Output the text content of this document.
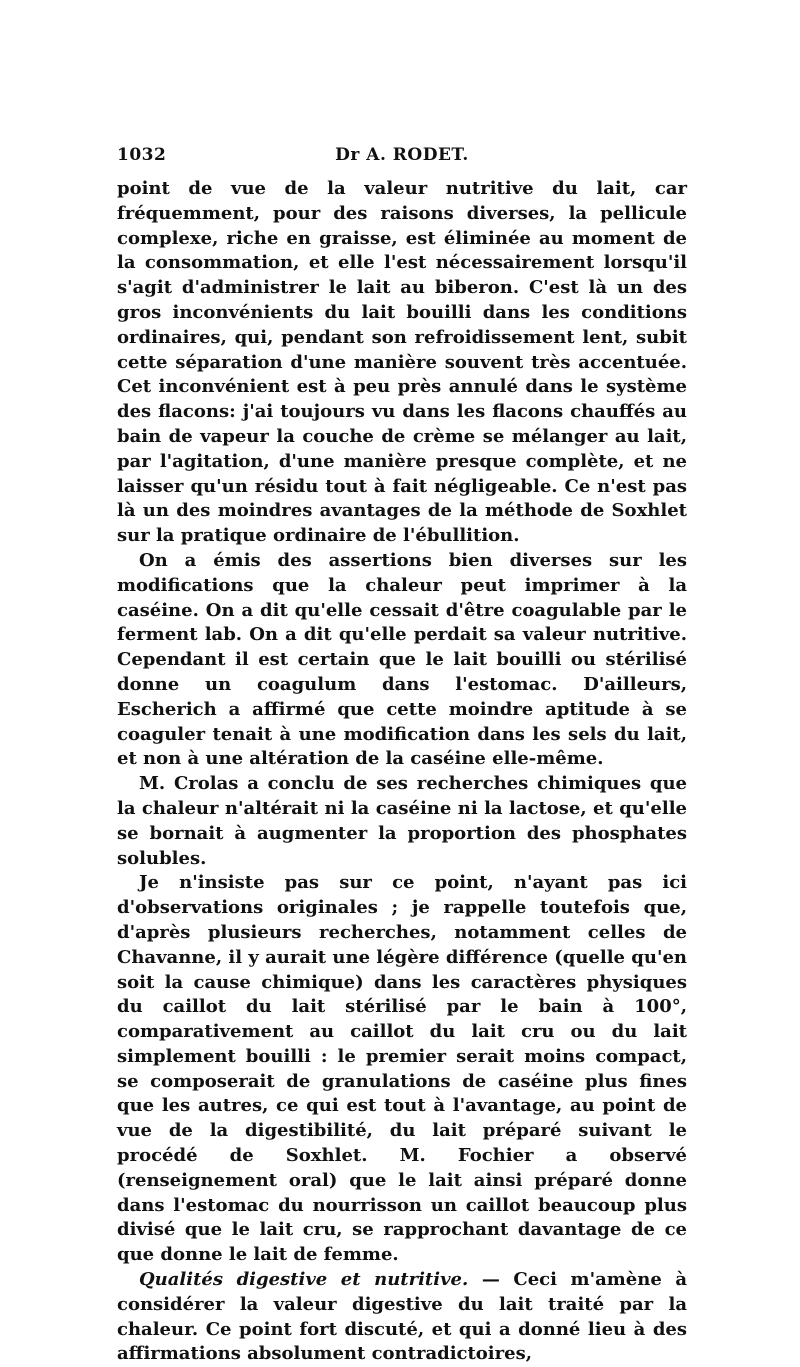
1032	Dr A. RODET.

point de vue de la valeur nutritive du lait, car fréquemment, pour des raisons diverses, la pellicule complexe, riche en graisse, est éliminée au moment de la consommation, et elle l'est nécessairement lorsqu'il s'agit d'administrer le lait au biberon. C'est là un des gros inconvénients du lait bouilli dans les conditions ordinaires, qui, pendant son refroidissement lent, subit cette séparation d'une manière souvent très accentuée. Cet inconvénient est à peu près annulé dans le système des flacons: j'ai toujours vu dans les flacons chauffés au bain de vapeur la couche de crème se mélanger au lait, par l'agitation, d'une manière presque complète, et ne laisser qu'un résidu tout à fait négligeable. Ce n'est pas là un des moindres avantages de la méthode de Soxhlet sur la pratique ordinaire de l'ébullition.

On a émis des assertions bien diverses sur les modifications que la chaleur peut imprimer à la caséine. On a dit qu'elle cessait d'être coagulable par le ferment lab. On a dit qu'elle perdait sa valeur nutritive. Cependant il est certain que le lait bouilli ou stérilisé donne un coagulum dans l'estomac. D'ailleurs, Escherich a affirmé que cette moindre aptitude à se coaguler tenait à une modification dans les sels du lait, et non à une altération de la caséine elle-même.

M. Crolas a conclu de ses recherches chimiques que la chaleur n'altérait ni la caséine ni la lactose, et qu'elle se bornait à augmenter la proportion des phosphates solubles.

Je n'insiste pas sur ce point, n'ayant pas ici d'observations originales ; je rappelle toutefois que, d'après plusieurs recherches, notamment celles de Chavanne, il y aurait une légère différence (quelle qu'en soit la cause chimique) dans les caractères physiques du caillot du lait stérilisé par le bain à 100°, comparativement au caillot du lait cru ou du lait simplement bouilli : le premier serait moins compact, se composerait de granulations de caséine plus fines que les autres, ce qui est tout à l'avantage, au point de vue de la digestibilité, du lait préparé suivant le procédé de Soxhlet. M. Fochier a observé (renseignement oral) que le lait ainsi préparé donne dans l'estomac du nourrisson un caillot beaucoup plus divisé que le lait cru, se rapprochant davantage de ce que donne le lait de femme.

Qualités digestive et nutritive. — Ceci m'amène à considérer la valeur digestive du lait traité par la chaleur. Ce point fort discuté, et qui a donné lieu à des affirmations absolument contradictoires,
